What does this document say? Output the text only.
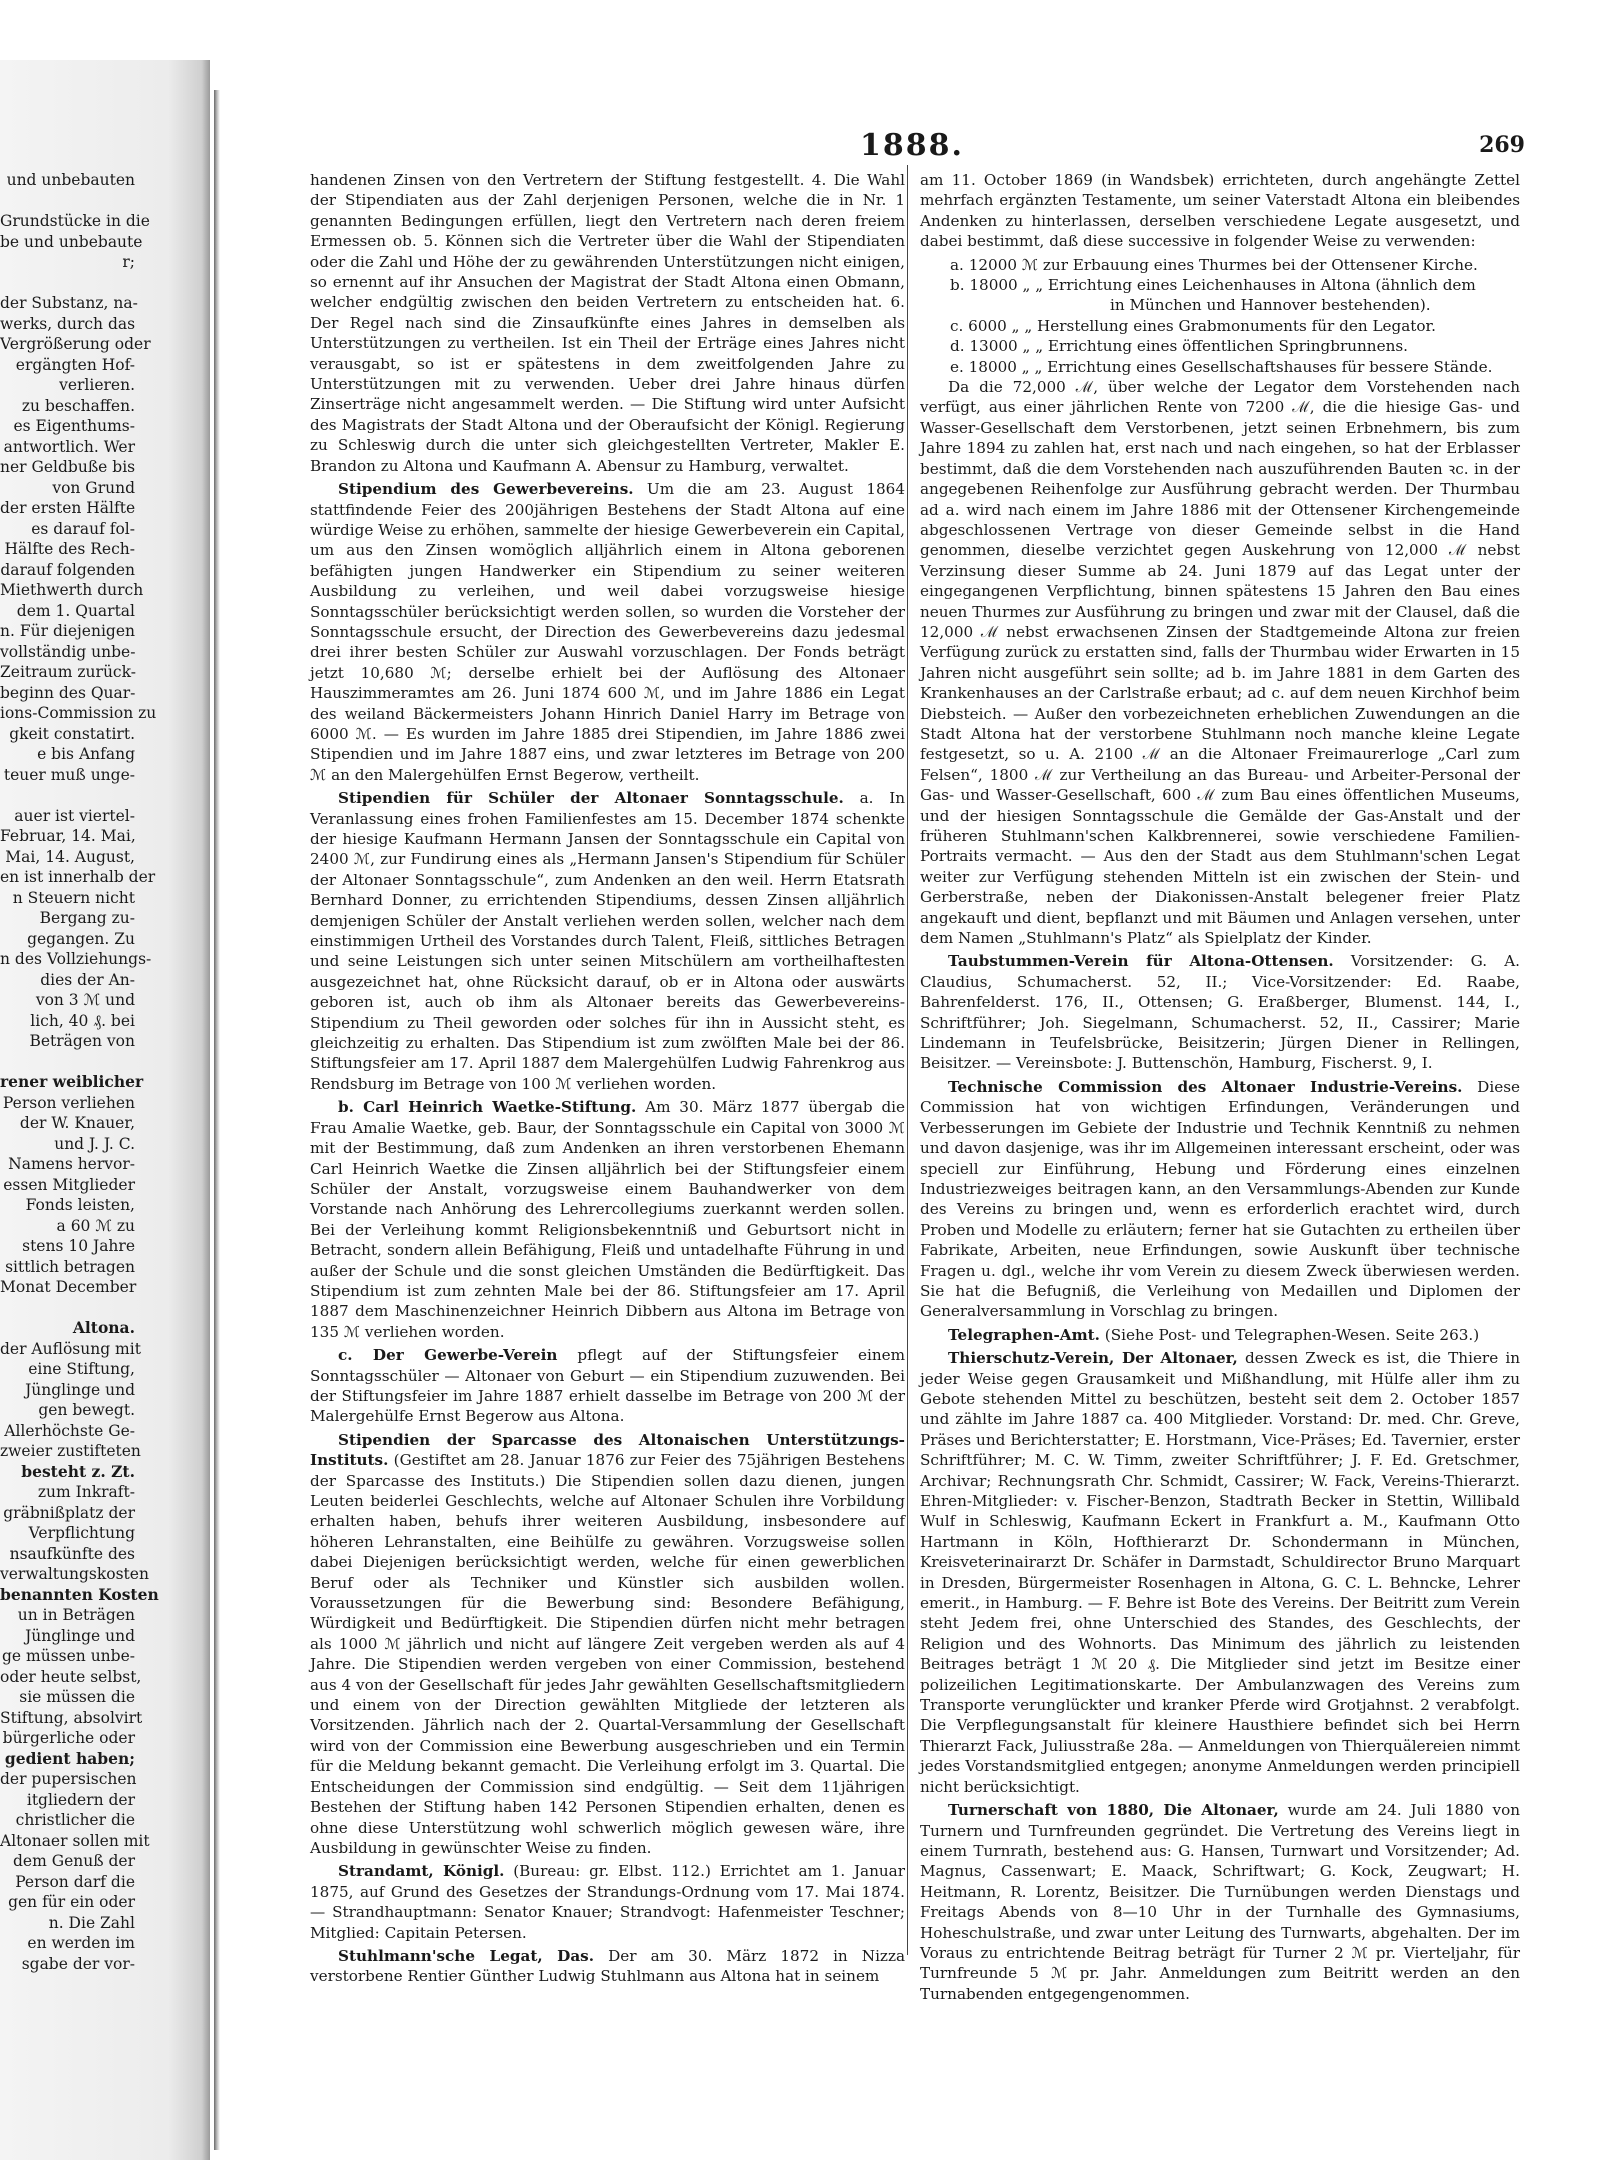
und unbebauten

Grundstücke in die
be und unbebaute
r;

der Substanz, na-
werks, durch das
Vergrößerung oder
ergängten Hof-
verlieren.
zu beschaffen.
es Eigenthums-
antwortlich. Wer
ner Geldbuße bis
von Grund
der ersten Hälfte
es darauf fol-
Hälfte des Rech-
darauf folgenden
Miethwerth durch
dem 1. Quartal
n. Für diejenigen
vollständig unbe-
Zeitraum zurück-
beginn des Quar-
ions-Commission zu
gkeit constatirt.
e bis Anfang
teuer muß unge-

auer ist viertel-
Februar, 14. Mai,
Mai, 14. August,
en ist innerhalb der
n Steuern nicht
Bergang zu-
gegangen. Zu
n des Vollziehungs-
dies der An-
von 3 ℳ und
lich, 40 ₰. bei
Beträgen von

rener weiblicher
Person verliehen
der W. Knauer,
und J. J. C.
Namens hervor-
essen Mitglieder
Fonds leisten,
a 60 ℳ zu
stens 10 Jahre
sittlich betragen
Monat December

Altona.
der Auflösung mit
eine Stiftung,
Jünglinge und
gen bewegt.
Allerhöchste Ge-
zweier zustifteten
besteht z. Zt.
zum Inkraft-
gräbnißplatz der
Verpflichtung
nsaufkünfte des
verwaltungskosten
benannten Kosten
un in Beträgen
Jünglinge und
ge müssen unbe-
oder heute selbst,
sie müssen die
Stiftung, absolvirt
bürgerliche oder
gedient haben;
der pupersischen
itgliedern der
christlicher die
Altonaer sollen mit
dem Genuß der
Person darf die
gen für ein oder
n. Die Zahl
en werden im
sgabe der vor-
1888.	269

handenen Zinsen von den Vertretern der Stiftung festgestellt. 4. Die Wahl der Stipendiaten aus der Zahl derjenigen Personen, welche die in Nr. 1 genannten Bedingungen erfüllen, liegt den Vertretern nach deren freiem Ermessen ob. 5. Können sich die Vertreter über die Wahl der Stipendiaten oder die Zahl und Höhe der zu gewährenden Unterstützungen nicht einigen, so ernennt auf ihr Ansuchen der Magistrat der Stadt Altona einen Obmann, welcher endgültig zwischen den beiden Vertretern zu entscheiden hat. 6. Der Regel nach sind die Zinsaufkünfte eines Jahres in demselben als Unterstützungen zu vertheilen. Ist ein Theil der Erträge eines Jahres nicht verausgabt, so ist er spätestens in dem zweitfolgenden Jahre zu Unterstützungen mit zu verwenden. Ueber drei Jahre hinaus dürfen Zinserträge nicht angesammelt werden. — Die Stiftung wird unter Aufsicht des Magistrats der Stadt Altona und der Oberaufsicht der Königl. Regierung zu Schleswig durch die unter sich gleichgestellten Vertreter, Makler E. Brandon zu Altona und Kaufmann A. Abensur zu Hamburg, verwaltet.

Stipendium des Gewerbevereins. Um die am 23. August 1864 stattfindende Feier des 200jährigen Bestehens der Stadt Altona auf eine würdige Weise zu erhöhen, sammelte der hiesige Gewerbeverein ein Capital, um aus den Zinsen womöglich alljährlich einem in Altona geborenen befähigten jungen Handwerker ein Stipendium zu seiner weiteren Ausbildung zu verleihen, und weil dabei vorzugsweise hiesige Sonntagsschüler berücksichtigt werden sollen, so wurden die Vorsteher der Sonntagsschule ersucht, der Direction des Gewerbevereins dazu jedesmal drei ihrer besten Schüler zur Auswahl vorzuschlagen. Der Fonds beträgt jetzt 10,680 ℳ; derselbe erhielt bei der Auflösung des Altonaer Hauszimmeramtes am 26. Juni 1874 600 ℳ, und im Jahre 1886 ein Legat des weiland Bäckermeisters Johann Hinrich Daniel Harry im Betrage von 6000 ℳ. — Es wurden im Jahre 1885 drei Stipendien, im Jahre 1886 zwei Stipendien und im Jahre 1887 eins, und zwar letzteres im Betrage von 200 ℳ an den Malergehülfen Ernst Begerow, vertheilt.

Stipendien für Schüler der Altonaer Sonntagsschule. a. In Veranlassung eines frohen Familienfestes am 15. December 1874 schenkte der hiesige Kaufmann Hermann Jansen der Sonntagsschule ein Capital von 2400 ℳ, zur Fundirung eines als „Hermann Jansen's Stipendium für Schüler der Altonaer Sonntagsschule“, zum Andenken an den weil. Herrn Etatsrath Bernhard Donner, zu errichtenden Stipendiums, dessen Zinsen alljährlich demjenigen Schüler der Anstalt verliehen werden sollen, welcher nach dem einstimmigen Urtheil des Vorstandes durch Talent, Fleiß, sittliches Betragen und seine Leistungen sich unter seinen Mitschülern am vortheilhaftesten ausgezeichnet hat, ohne Rücksicht darauf, ob er in Altona oder auswärts geboren ist, auch ob ihm als Altonaer bereits das Gewerbevereins-Stipendium zu Theil geworden oder solches für ihn in Aussicht steht, es gleichzeitig zu erhalten. Das Stipendium ist zum zwölften Male bei der 86. Stiftungsfeier am 17. April 1887 dem Malergehülfen Ludwig Fahrenkrog aus Rendsburg im Betrage von 100 ℳ verliehen worden.

b. Carl Heinrich Waetke-Stiftung. Am 30. März 1877 übergab die Frau Amalie Waetke, geb. Baur, der Sonntagsschule ein Capital von 3000 ℳ mit der Bestimmung, daß zum Andenken an ihren verstorbenen Ehemann Carl Heinrich Waetke die Zinsen alljährlich bei der Stiftungsfeier einem Schüler der Anstalt, vorzugsweise einem Bauhandwerker von dem Vorstande nach Anhörung des Lehrercollegiums zuerkannt werden sollen. Bei der Verleihung kommt Religionsbekenntniß und Geburtsort nicht in Betracht, sondern allein Befähigung, Fleiß und untadelhafte Führung in und außer der Schule und die sonst gleichen Umständen die Bedürftigkeit. Das Stipendium ist zum zehnten Male bei der 86. Stiftungsfeier am 17. April 1887 dem Maschinenzeichner Heinrich Dibbern aus Altona im Betrage von 135 ℳ verliehen worden.

c. Der Gewerbe-Verein pflegt auf der Stiftungsfeier einem Sonntagsschüler — Altonaer von Geburt — ein Stipendium zuzuwenden. Bei der Stiftungsfeier im Jahre 1887 erhielt dasselbe im Betrage von 200 ℳ der Malergehülfe Ernst Begerow aus Altona.

Stipendien der Sparcasse des Altonaischen Unterstützungs-Instituts. (Gestiftet am 28. Januar 1876 zur Feier des 75jährigen Bestehens der Sparcasse des Instituts.) Die Stipendien sollen dazu dienen, jungen Leuten beiderlei Geschlechts, welche auf Altonaer Schulen ihre Vorbildung erhalten haben, behufs ihrer weiteren Ausbildung, insbesondere auf höheren Lehranstalten, eine Beihülfe zu gewähren. Vorzugsweise sollen dabei Diejenigen berücksichtigt werden, welche für einen gewerblichen Beruf oder als Techniker und Künstler sich ausbilden wollen. Voraussetzungen für die Bewerbung sind: Besondere Befähigung, Würdigkeit und Bedürftigkeit. Die Stipendien dürfen nicht mehr betragen als 1000 ℳ jährlich und nicht auf längere Zeit vergeben werden als auf 4 Jahre. Die Stipendien werden vergeben von einer Commission, bestehend aus 4 von der Gesellschaft für jedes Jahr gewählten Gesellschaftsmitgliedern und einem von der Direction gewählten Mitgliede der letzteren als Vorsitzenden. Jährlich nach der 2. Quartal-Versammlung der Gesellschaft wird von der Commission eine Bewerbung ausgeschrieben und ein Termin für die Meldung bekannt gemacht. Die Verleihung erfolgt im 3. Quartal. Die Entscheidungen der Commission sind endgültig. — Seit dem 11jährigen Bestehen der Stiftung haben 142 Personen Stipendien erhalten, denen es ohne diese Unterstützung wohl schwerlich möglich gewesen wäre, ihre Ausbildung in gewünschter Weise zu finden.

Strandamt, Königl. (Bureau: gr. Elbst. 112.) Errichtet am 1. Januar 1875, auf Grund des Gesetzes der Strandungs-Ordnung vom 17. Mai 1874. — Strandhauptmann: Senator Knauer; Strandvogt: Hafenmeister Teschner; Mitglied: Capitain Petersen.

Stuhlmann'sche Legat, Das. Der am 30. März 1872 in Nizza verstorbene Rentier Günther Ludwig Stuhlmann aus Altona hat in seinem

am 11. October 1869 (in Wandsbek) errichteten, durch angehängte Zettel mehrfach ergänzten Testamente, um seiner Vaterstadt Altona ein bleibendes Andenken zu hinterlassen, derselben verschiedene Legate ausgesetzt, und dabei bestimmt, daß diese successive in folgender Weise zu verwenden:

a. 12000 ℳ zur Erbauung eines Thurmes bei der Ottensener Kirche.
b. 18000 „ „ Errichtung eines Leichenhauses in Altona (ähnlich dem
in München und Hannover bestehenden).
c. 6000 „ „ Herstellung eines Grabmonuments für den Legator.
d. 13000 „ „ Errichtung eines öffentlichen Springbrunnens.
e. 18000 „ „ Errichtung eines Gesellschaftshauses für bessere Stände.

Da die 72,000 ℳ, über welche der Legator dem Vorstehenden nach verfügt, aus einer jährlichen Rente von 7200 ℳ, die die hiesige Gas- und Wasser-Gesellschaft dem Verstorbenen, jetzt seinen Erbnehmern, bis zum Jahre 1894 zu zahlen hat, erst nach und nach eingehen, so hat der Erblasser bestimmt, daß die dem Vorstehenden nach auszuführenden Bauten ꝛc. in der angegebenen Reihenfolge zur Ausführung gebracht werden. Der Thurmbau ad a. wird nach einem im Jahre 1886 mit der Ottensener Kirchengemeinde abgeschlossenen Vertrage von dieser Gemeinde selbst in die Hand genommen, dieselbe verzichtet gegen Auskehrung von 12,000 ℳ nebst Verzinsung dieser Summe ab 24. Juni 1879 auf das Legat unter der eingegangenen Verpflichtung, binnen spätestens 15 Jahren den Bau eines neuen Thurmes zur Ausführung zu bringen und zwar mit der Clausel, daß die 12,000 ℳ nebst erwachsenen Zinsen der Stadtgemeinde Altona zur freien Verfügung zurück zu erstatten sind, falls der Thurmbau wider Erwarten in 15 Jahren nicht ausgeführt sein sollte; ad b. im Jahre 1881 in dem Garten des Krankenhauses an der Carlstraße erbaut; ad c. auf dem neuen Kirchhof beim Diebsteich. — Außer den vorbezeichneten erheblichen Zuwendungen an die Stadt Altona hat der verstorbene Stuhlmann noch manche kleine Legate festgesetzt, so u. A. 2100 ℳ an die Altonaer Freimaurerloge „Carl zum Felsen“, 1800 ℳ zur Vertheilung an das Bureau- und Arbeiter-Personal der Gas- und Wasser-Gesellschaft, 600 ℳ zum Bau eines öffentlichen Museums, und der hiesigen Sonntagsschule die Gemälde der Gas-Anstalt und der früheren Stuhlmann'schen Kalkbrennerei, sowie verschiedene Familien-Portraits vermacht. — Aus den der Stadt aus dem Stuhlmann'schen Legat weiter zur Verfügung stehenden Mitteln ist ein zwischen der Stein- und Gerberstraße, neben der Diakonissen-Anstalt belegener freier Platz angekauft und dient, bepflanzt und mit Bäumen und Anlagen versehen, unter dem Namen „Stuhlmann's Platz“ als Spielplatz der Kinder.

Taubstummen-Verein für Altona-Ottensen. Vorsitzender: G. A. Claudius, Schumacherst. 52, II.; Vice-Vorsitzender: Ed. Raabe, Bahrenfelderst. 176, II., Ottensen; G. Eraßberger, Blumenst. 144, I., Schriftführer; Joh. Siegelmann, Schumacherst. 52, II., Cassirer; Marie Lindemann in Teufelsbrücke, Beisitzerin; Jürgen Diener in Rellingen, Beisitzer. — Vereinsbote: J. Buttenschön, Hamburg, Fischerst. 9, I.

Technische Commission des Altonaer Industrie-Vereins. Diese Commission hat von wichtigen Erfindungen, Veränderungen und Verbesserungen im Gebiete der Industrie und Technik Kenntniß zu nehmen und davon dasjenige, was ihr im Allgemeinen interessant erscheint, oder was speciell zur Einführung, Hebung und Förderung eines einzelnen Industriezweiges beitragen kann, an den Versammlungs-Abenden zur Kunde des Vereins zu bringen und, wenn es erforderlich erachtet wird, durch Proben und Modelle zu erläutern; ferner hat sie Gutachten zu ertheilen über Fabrikate, Arbeiten, neue Erfindungen, sowie Auskunft über technische Fragen u. dgl., welche ihr vom Verein zu diesem Zweck überwiesen werden. Sie hat die Befugniß, die Verleihung von Medaillen und Diplomen der Generalversammlung in Vorschlag zu bringen.

Telegraphen-Amt. (Siehe Post- und Telegraphen-Wesen. Seite 263.)

Thierschutz-Verein, Der Altonaer, dessen Zweck es ist, die Thiere in jeder Weise gegen Grausamkeit und Mißhandlung, mit Hülfe aller ihm zu Gebote stehenden Mittel zu beschützen, besteht seit dem 2. October 1857 und zählte im Jahre 1887 ca. 400 Mitglieder. Vorstand: Dr. med. Chr. Greve, Präses und Berichterstatter; E. Horstmann, Vice-Präses; Ed. Tavernier, erster Schriftführer; M. C. W. Timm, zweiter Schriftführer; J. F. Ed. Gretschmer, Archivar; Rechnungsrath Chr. Schmidt, Cassirer; W. Fack, Vereins-Thierarzt. Ehren-Mitglieder: v. Fischer-Benzon, Stadtrath Becker in Stettin, Willibald Wulf in Schleswig, Kaufmann Eckert in Frankfurt a. M., Kaufmann Otto Hartmann in Köln, Hofthierarzt Dr. Schondermann in München, Kreisveterinairarzt Dr. Schäfer in Darmstadt, Schuldirector Bruno Marquart in Dresden, Bürgermeister Rosenhagen in Altona, G. C. L. Behncke, Lehrer emerit., in Hamburg. — F. Behre ist Bote des Vereins. Der Beitritt zum Verein steht Jedem frei, ohne Unterschied des Standes, des Geschlechts, der Religion und des Wohnorts. Das Minimum des jährlich zu leistenden Beitrages beträgt 1 ℳ 20 ₰. Die Mitglieder sind jetzt im Besitze einer polizeilichen Legitimationskarte. Der Ambulanzwagen des Vereins zum Transporte verunglückter und kranker Pferde wird Grotjahnst. 2 verabfolgt. Die Verpflegungsanstalt für kleinere Hausthiere befindet sich bei Herrn Thierarzt Fack, Juliusstraße 28a. — Anmeldungen von Thierquälereien nimmt jedes Vorstandsmitglied entgegen; anonyme Anmeldungen werden principiell nicht berücksichtigt.

Turnerschaft von 1880, Die Altonaer, wurde am 24. Juli 1880 von Turnern und Turnfreunden gegründet. Die Vertretung des Vereins liegt in einem Turnrath, bestehend aus: G. Hansen, Turnwart und Vorsitzender; Ad. Magnus, Cassenwart; E. Maack, Schriftwart; G. Kock, Zeugwart; H. Heitmann, R. Lorentz, Beisitzer. Die Turnübungen werden Dienstags und Freitags Abends von 8—10 Uhr in der Turnhalle des Gymnasiums, Hoheschulstraße, und zwar unter Leitung des Turnwarts, abgehalten. Der im Voraus zu entrichtende Beitrag beträgt für Turner 2 ℳ pr. Vierteljahr, für Turnfreunde 5 ℳ pr. Jahr. Anmeldungen zum Beitritt werden an den Turnabenden entgegengenommen.
